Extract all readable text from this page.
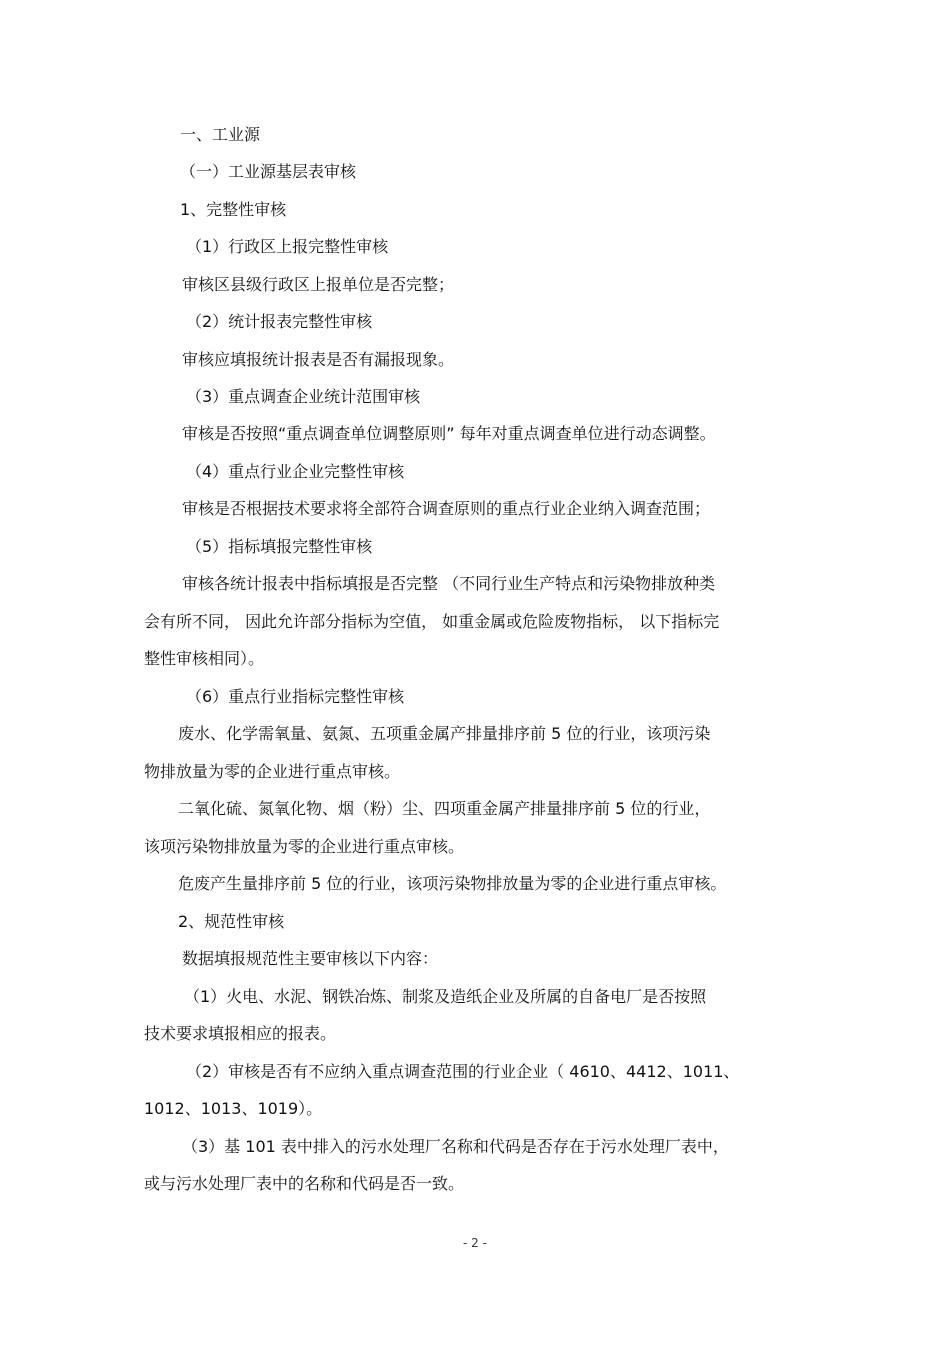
一、工业源

（一）工业源基层表审核

1、完整性审核

（1）行政区上报完整性审核

审核区县级行政区上报单位是否完整；

（2）统计报表完整性审核

审核应填报统计报表是否有漏报现象。

（3）重点调查企业统计范围审核

审核是否按照“重点调查单位调整原则” 每年对重点调查单位进行动态调整。

（4）重点行业企业完整性审核

审核是否根据技术要求将全部符合调查原则的重点行业企业纳入调查范围；

（5）指标填报完整性审核

审核各统计报表中指标填报是否完整 （不同行业生产特点和污染物排放种类

会有所不同， 因此允许部分指标为空值， 如重金属或危险废物指标， 以下指标完

整性审核相同）。

（6）重点行业指标完整性审核

废水、化学需氧量、氨氮、五项重金属产排量排序前 5 位的行业，该项污染

物排放量为零的企业进行重点审核。

二氧化硫、氮氧化物、烟（粉）尘、四项重金属产排量排序前 5 位的行业，

该项污染物排放量为零的企业进行重点审核。

危废产生量排序前 5 位的行业，该项污染物排放量为零的企业进行重点审核。

2、规范性审核

数据填报规范性主要审核以下内容：

（1）火电、水泥、钢铁冶炼、制浆及造纸企业及所属的自备电厂是否按照

技术要求填报相应的报表。

（2）审核是否有不应纳入重点调查范围的行业企业（ 4610、4412、1011、

1012、1013、1019）。

（3）基 101 表中排入的污水处理厂名称和代码是否存在于污水处理厂表中，

或与污水处理厂表中的名称和代码是否一致。

- 2 -
